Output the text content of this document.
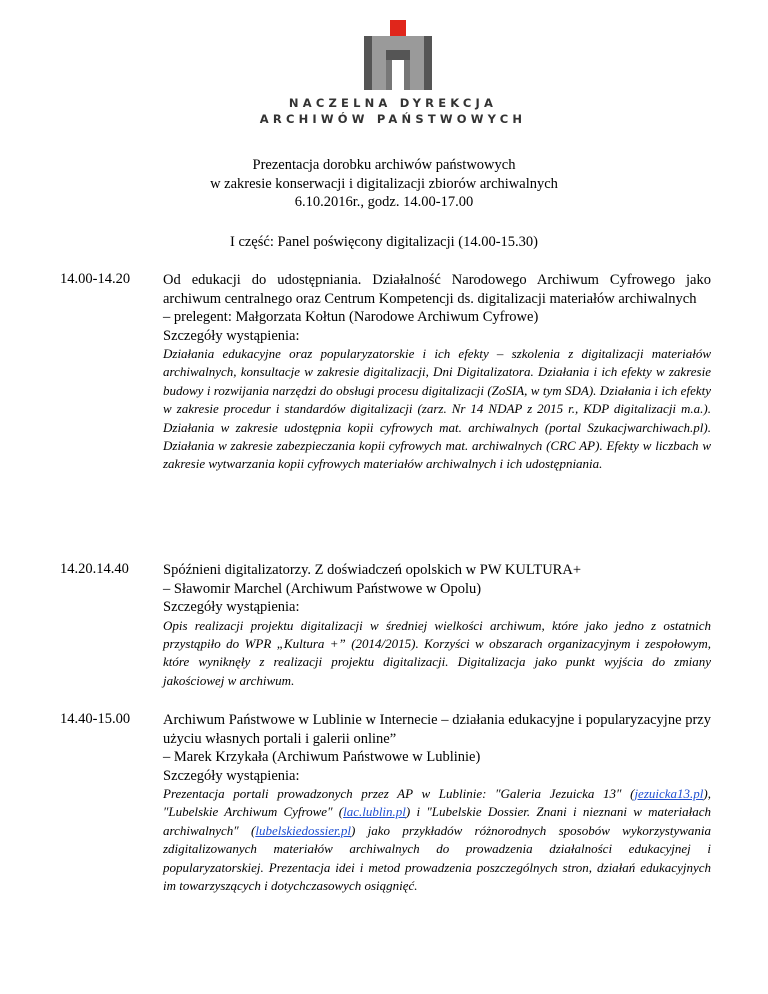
NACZELNA DYREKCJA
ARCHIWÓW PAŃSTWOWYCH
Prezentacja dorobku archiwów państwowych
w zakresie konserwacji i digitalizacji zbiorów archiwalnych
6.10.2016r., godz. 14.00-17.00
I część: Panel poświęcony digitalizacji (14.00-15.30)
14.00-14.20	Od edukacji do udostępniania. Działalność Narodowego Archiwum Cyfrowego jako archiwum centralnego oraz Centrum Kompetencji ds. digitalizacji materiałów archiwalnych
– prelegent: Małgorzata Kołtun (Narodowe Archiwum Cyfrowe)
Szczegóły wystąpienia:
Działania edukacyjne oraz popularyzatorskie i ich efekty – szkolenia z digitalizacji materiałów archiwalnych, konsultacje w zakresie digitalizacji, Dni Digitalizatora. Działania i ich efekty w zakresie budowy i rozwijania narzędzi do obsługi procesu digitalizacji (ZoSIA, w tym SDA). Działania i ich efekty w zakresie procedur i standardów digitalizacji (zarz. Nr 14 NDAP z 2015 r., KDP digitalizacji m.a.). Działania w zakresie udostępnia kopii cyfrowych mat. archiwalnych (portal Szukacjwarchiwach.pl). Działania w zakresie zabezpieczania kopii cyfrowych mat. archiwalnych (CRC AP). Efekty w liczbach w zakresie wytwarzania kopii cyfrowych materiałów archiwalnych i ich udostępniania.
14.20.14.40	Spóźnieni digitalizatorzy. Z doświadczeń opolskich w PW KULTURA+
– Sławomir Marchel (Archiwum Państwowe w Opolu)
Szczegóły wystąpienia:
Opis realizacji projektu digitalizacji w średniej wielkości archiwum, które jako jedno z ostatnich przystąpiło do WPR „Kultura +” (2014/2015). Korzyści w obszarach organizacyjnym i zespołowym, które wyniknęły z realizacji projektu digitalizacji. Digitalizacja jako punkt wyjścia do zmiany jakościowej w archiwum.
14.40-15.00	Archiwum Państwowe w Lublinie w Internecie – działania edukacyjne i popularyzacyjne przy użyciu własnych portali i galerii online”
– Marek Krzykała (Archiwum Państwowe w Lublinie)
Szczegóły wystąpienia:
Prezentacja portali prowadzonych przez AP w Lublinie: ″Galeria Jezuicka 13″ (jezuicka13.pl), ″Lubelskie Archiwum Cyfrowe″ (lac.lublin.pl) i ″Lubelskie Dossier. Znani i nieznani w materiałach archiwalnych″ (lubelskiedossier.pl) jako przykładów różnorodnych sposobów wykorzystywania zdigitalizowanych materiałów archiwalnych do prowadzenia działalności edukacyjnej i popularyzatorskiej. Prezentacja idei i metod prowadzenia poszczególnych stron, działań edukacyjnych im towarzyszących i dotychczasowych osiągnięć.
